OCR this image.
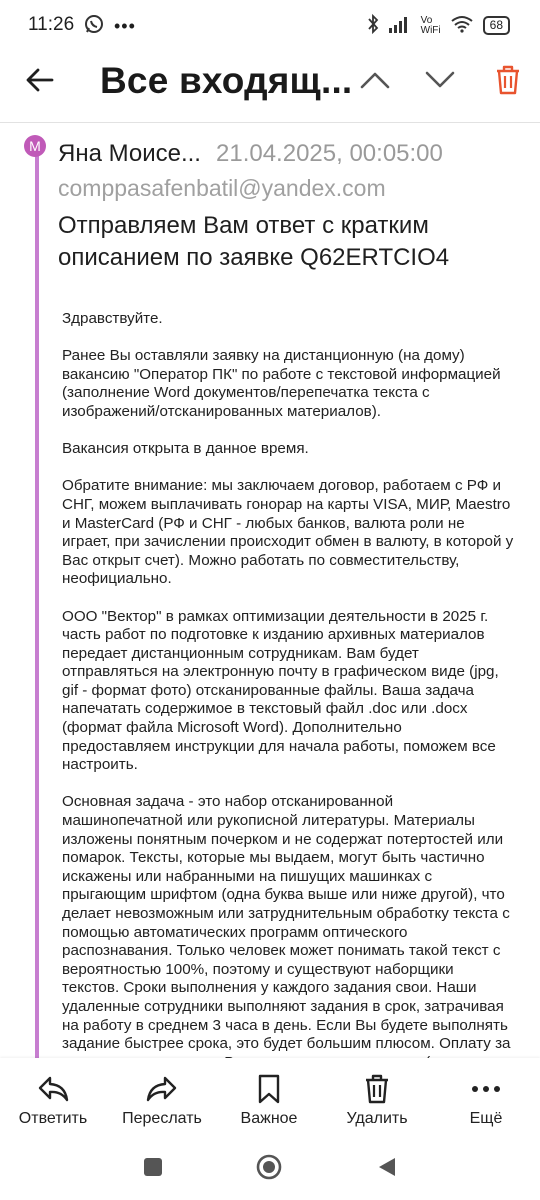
11:26 •••	Vo
WiFi	68
Все входящ...
M Яна Моисе... 21.04.2025, 00:05:00
comppasafenbatil@yandex.com
Отправляем Вам ответ с кратким описанием по заявке Q62ERTCIO4

Здравствуйте.

Ранее Вы оставляли заявку на дистанционную (на дому) вакансию "Оператор ПК" по работе с текстовой информацией (заполнение Word документов/перепечатка текста с изображений/отсканированных материалов).

Вакансия открыта в данное время.

Обратите внимание: мы заключаем договор, работаем с РФ и СНГ, можем выплачивать гонорар на карты VISA, МИР, Maestro и MasterCard (РФ и СНГ - любых банков, валюта роли не играет, при зачислении происходит обмен в валюту, в которой у Вас открыт счет). Можно работать по совместительству, неофициально.

ООО "Вектор" в рамках оптимизации деятельности в 2025 г. часть работ по подготовке к изданию архивных материалов передает дистанционным сотрудникам. Вам будет отправляться на электронную почту в графическом виде (jpg, gif - формат фото) отсканированные файлы. Ваша задача напечатать содержимое в текстовый файл .doc или .docx (формат файла Microsoft Word). Дополнительно предоставляем инструкции для начала работы, поможем все настроить.

Основная задача - это набор отсканированной машинопечатной или рукописной литературы. Материалы изложены понятным почерком и не содержат потертостей или помарок. Тексты, которые мы выдаем, могут быть частично искажены или набранными на пишущих машинках с прыгающим шрифтом (одна буква выше или ниже другой), что делает невозможным или затруднительным обработку текста с помощью автоматических программ оптического распознавания. Только человек может понимать такой текст с вероятностью 100%, поэтому и существуют наборщики текстов. Сроки выполнения у каждого задания свои. Наши удаленные сотрудники выполняют задания в срок, затрачивая на работу в среднем 3 часа в день. Если Вы будете выполнять задание быстрее срока, это будет большим плюсом. Оплату за

Ответить	Переслать	Важное	Удалить	Ещё
